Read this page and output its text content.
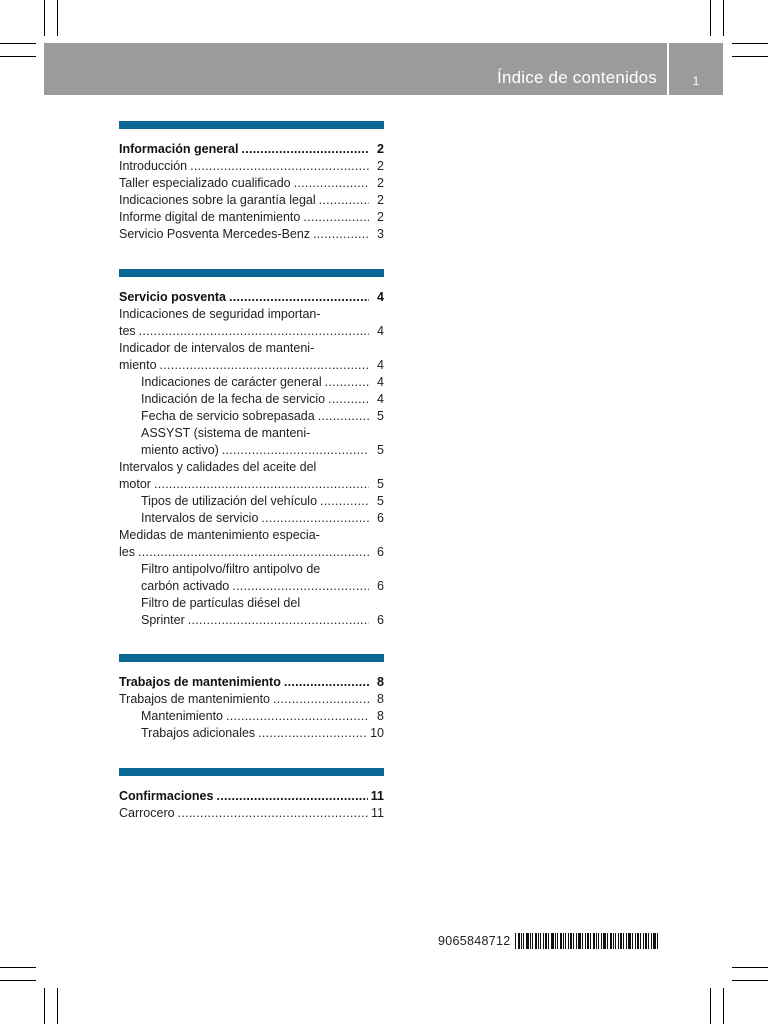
Índice de contenidos	1
Información general . . .	2
Introducción . . .	2
Taller especializado cualificado . . .	2
Indicaciones sobre la garantía legal . . .	2
Informe digital de mantenimiento . . .	2
Servicio Posventa Mercedes-Benz . . .	3
Servicio posventa . . .	4
Indicaciones de seguridad importan-
tes . . .	4
Indicador de intervalos de manteni-
miento . . .	4
Indicaciones de carácter general . . .	4
Indicación de la fecha de servicio . . .	4
Fecha de servicio sobrepasada . . .	5
ASSYST (sistema de manteni-
miento activo) . . .	5
Intervalos y calidades del aceite del
motor . . .	5
Tipos de utilización del vehículo . . .	5
Intervalos de servicio . . .	6
Medidas de mantenimiento especia-
les . . .	6
Filtro antipolvo/filtro antipolvo de
carbón activado . . .	6
Filtro de partículas diésel del
Sprinter . . .	6
Trabajos de mantenimiento . . .	8
Trabajos de mantenimiento . . .	8
Mantenimiento . . .	8
Trabajos adicionales . . .	10
Confirmaciones . . .	11
Carrocero . . .	11
9065848712
